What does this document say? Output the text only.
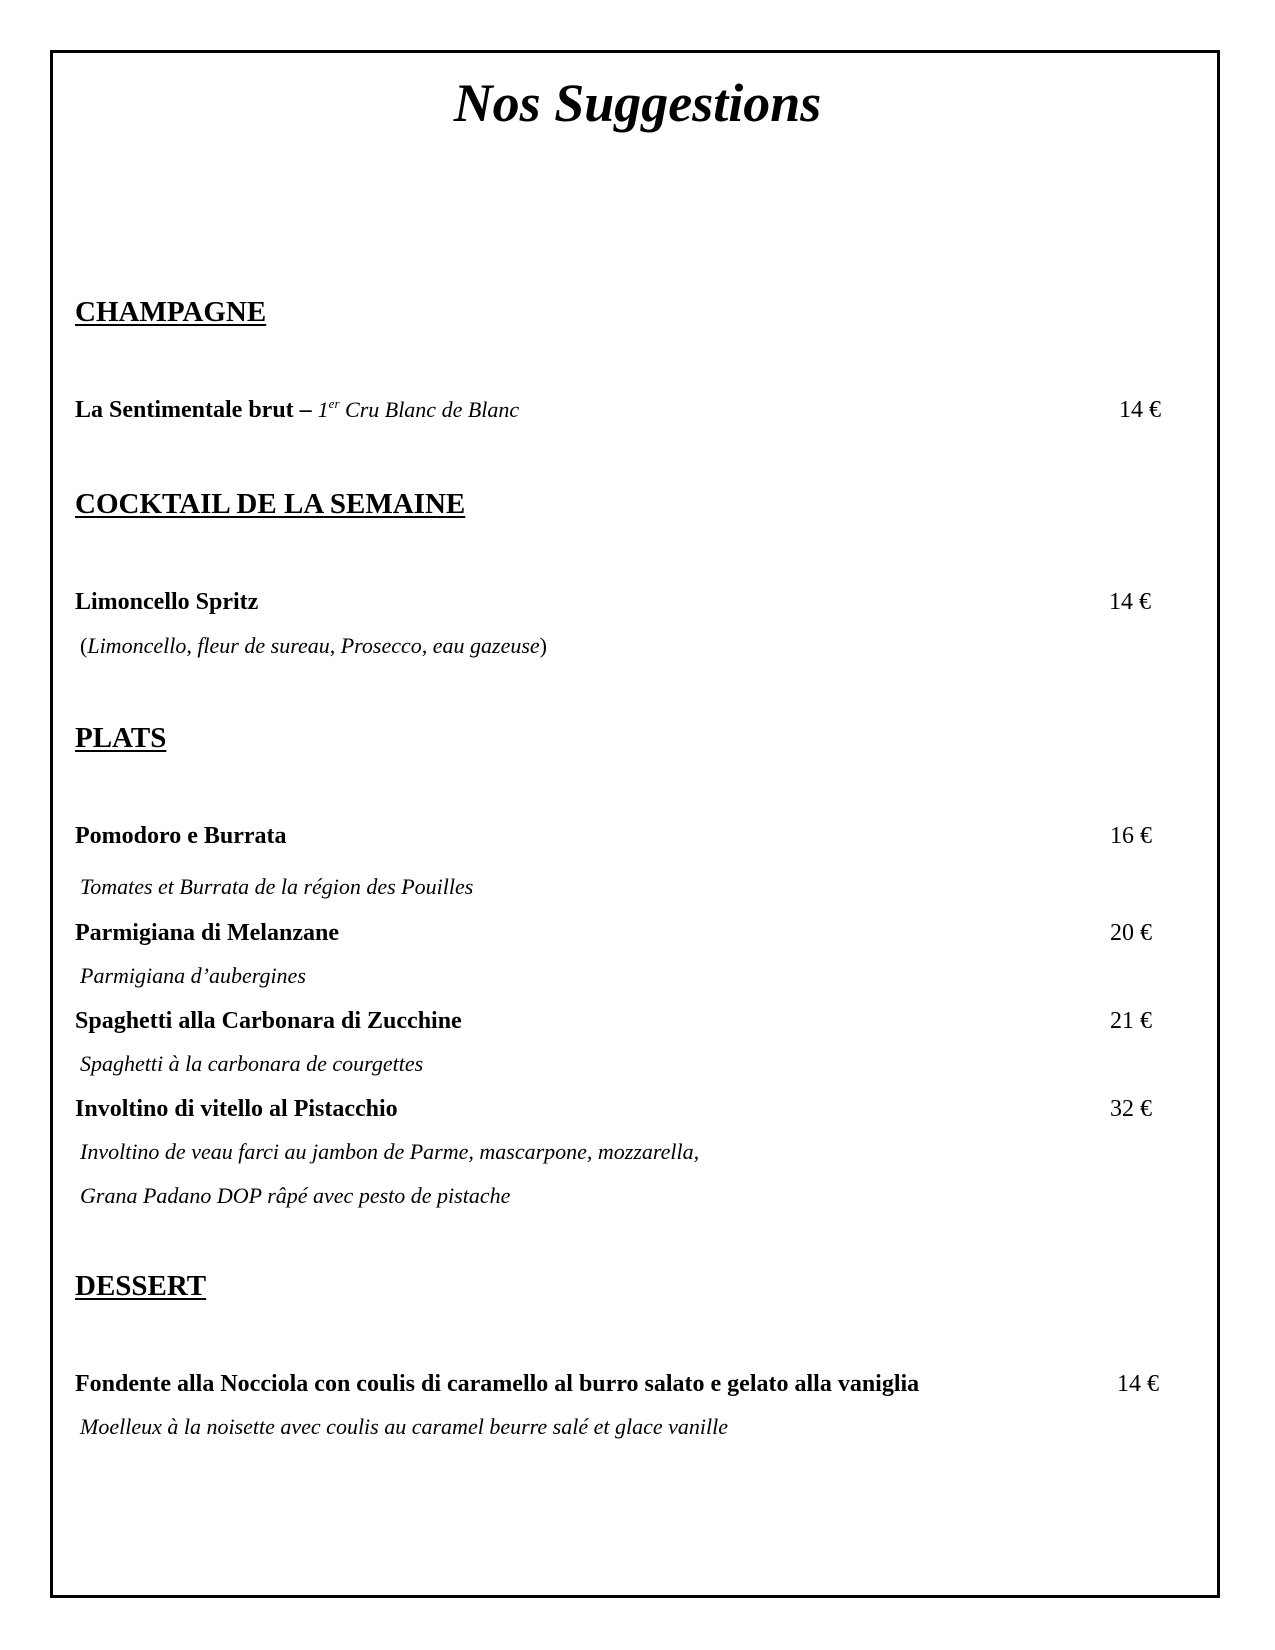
Nos Suggestions
CHAMPAGNE
La Sentimentale brut – 1er Cru Blanc de Blanc	14 €
COCKTAIL DE LA SEMAINE
Limoncello Spritz	14 €
(Limoncello, fleur de sureau, Prosecco, eau gazeuse)
PLATS
Pomodoro e Burrata	16 €
Tomates et Burrata de la région des Pouilles
Parmigiana di Melanzane	20 €
Parmigiana d’aubergines
Spaghetti alla Carbonara di Zucchine	21 €
Spaghetti à la carbonara de courgettes
Involtino di vitello al Pistacchio	32 €
Involtino de veau farci au jambon de Parme, mascarpone, mozzarella,
Grana Padano DOP râpé avec pesto de pistache
DESSERT
Fondente alla Nocciola con coulis di caramello al burro salato e gelato alla vaniglia	14 €
Moelleux à la noisette avec coulis au caramel beurre salé et glace vanille
